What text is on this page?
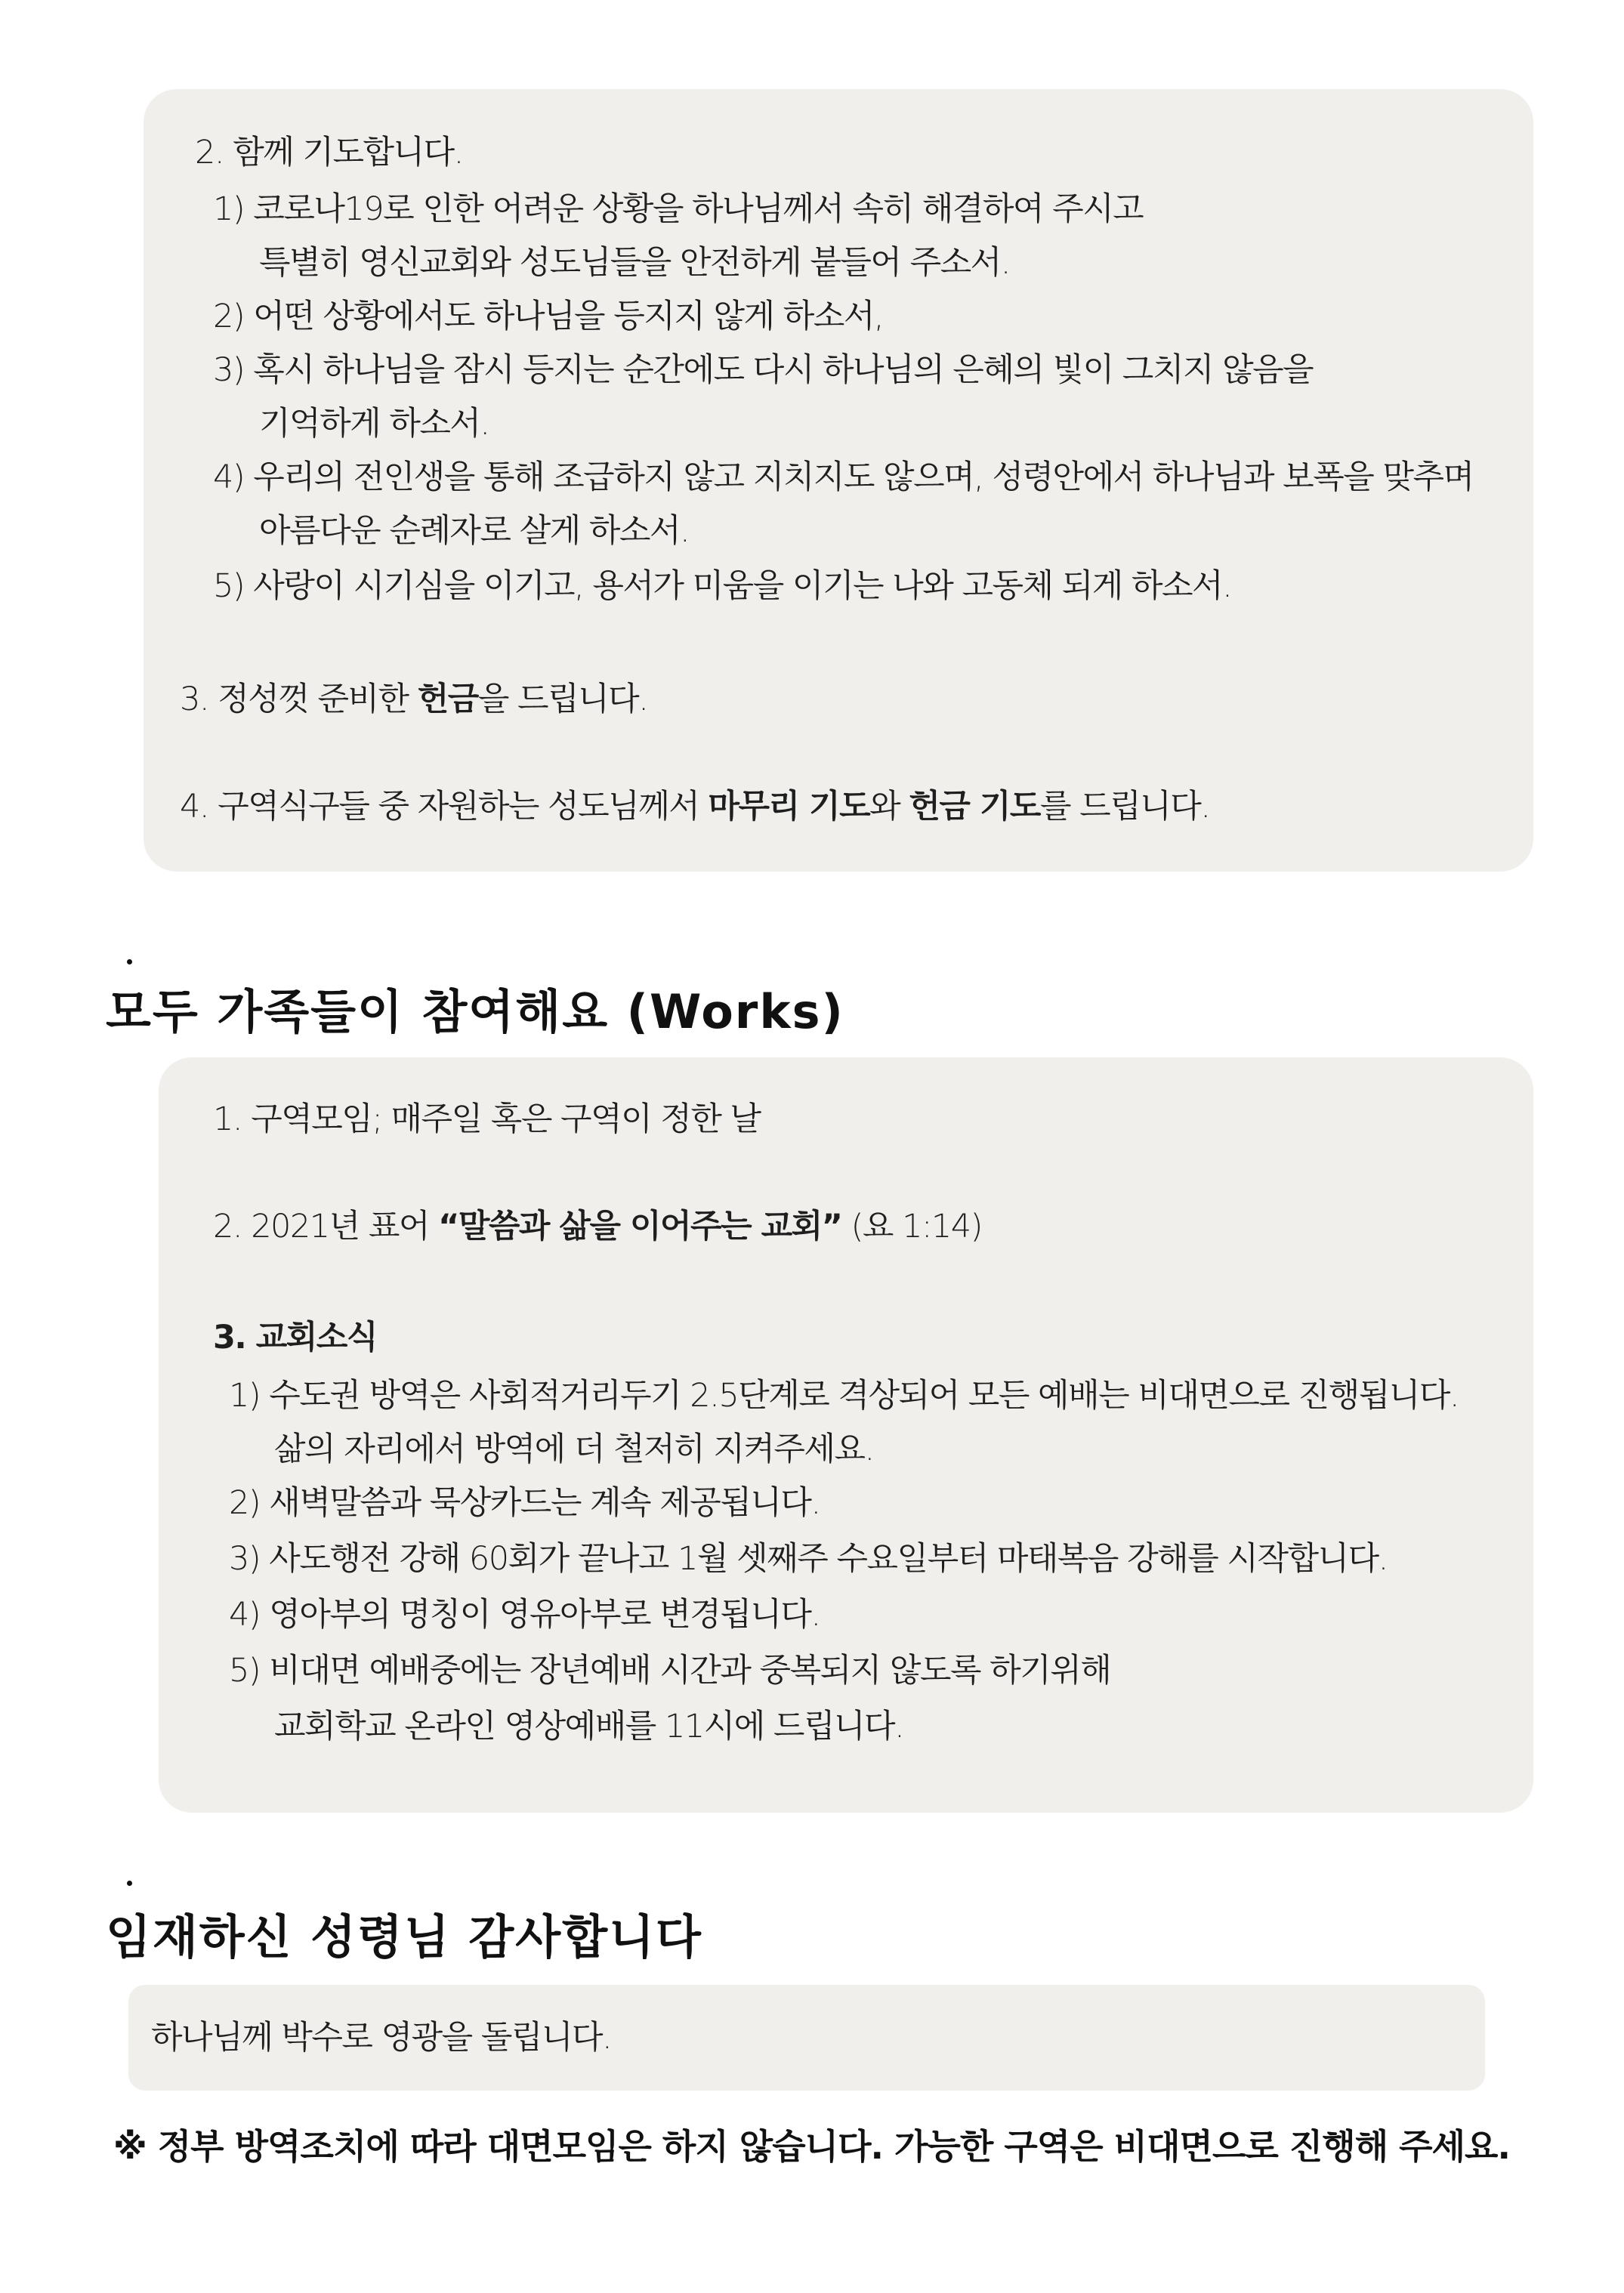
2. 함께 기도합니다.
1) 코로나19로 인한 어려운 상황을 하나님께서 속히 해결하여 주시고
특별히 영신교회와 성도님들을 안전하게 붙들어 주소서.
2) 어떤 상황에서도 하나님을 등지지 않게 하소서,
3) 혹시 하나님을 잠시 등지는 순간에도 다시 하나님의 은혜의 빛이 그치지 않음을
기억하게 하소서.
4) 우리의 전인생을 통해 조급하지 않고 지치지도 않으며, 성령안에서 하나님과 보폭을 맞추며
아름다운 순례자로 살게 하소서.
5) 사랑이 시기심을 이기고, 용서가 미움을 이기는 나와 고동체 되게 하소서.
3. 정성껏 준비한 헌금을 드립니다.
4. 구역식구들 중 자원하는 성도님께서 마무리 기도와 헌금 기도를 드립니다.
모두 가족들이 참여해요 (Works)
1. 구역모임; 매주일 혹은 구역이 정한 날
2. 2021년 표어 “말씀과 삶을 이어주는 교회” (요 1:14)
3. 교회소식
1) 수도권 방역은 사회적거리두기 2.5단계로 격상되어 모든 예배는 비대면으로 진행됩니다.
삶의 자리에서 방역에 더 철저히 지켜주세요.
2) 새벽말씀과 묵상카드는 계속 제공됩니다.
3) 사도행전 강해 60회가 끝나고 1월 셋째주 수요일부터 마태복음 강해를 시작합니다.
4) 영아부의 명칭이 영유아부로 변경됩니다.
5) 비대면 예배중에는 장년예배 시간과 중복되지 않도록 하기위해
교회학교 온라인 영상예배를 11시에 드립니다.
임재하신 성령님 감사합니다
하나님께 박수로 영광을 돌립니다.
※ 정부 방역조치에 따라 대면모임은 하지 않습니다. 가능한 구역은 비대면으로 진행해 주세요.
